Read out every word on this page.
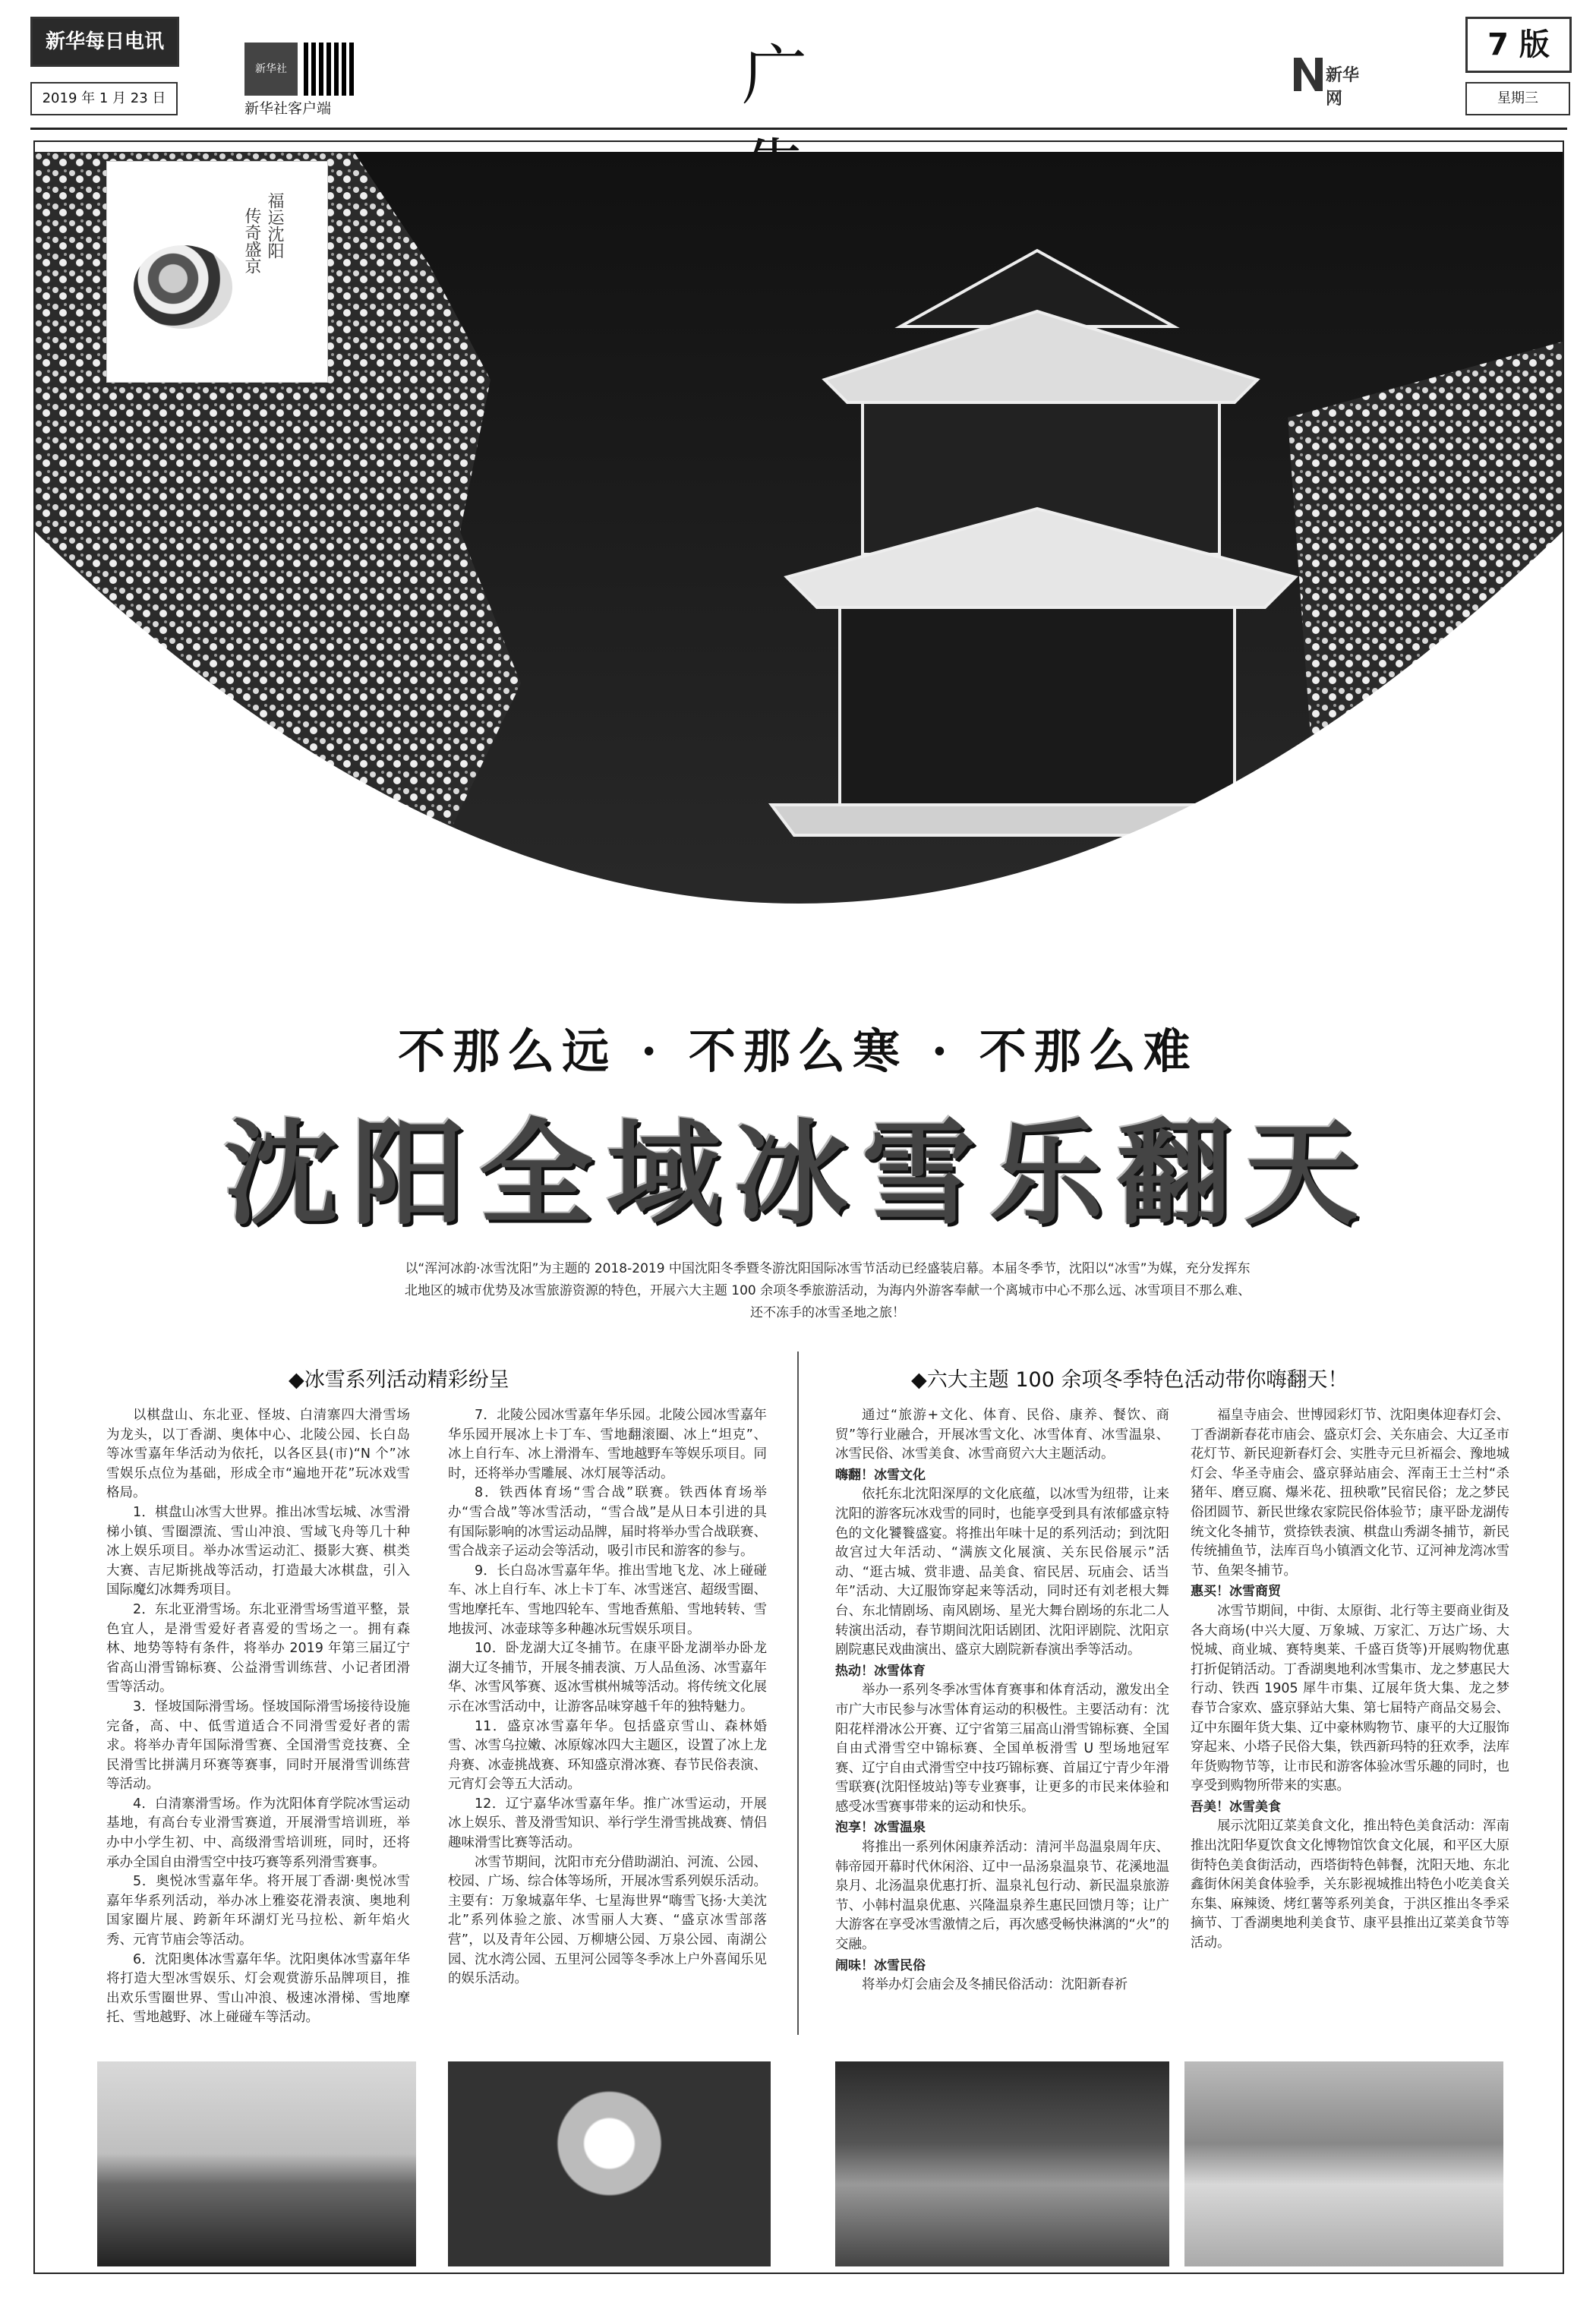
新华每日电讯
2019 年 1 月 23 日
新华社
新华社客户端	广	新华网
7 版
星期三
福运沈阳
传奇盛京
不那么远 · 不那么寒 · 不那么难
沈阳全域冰雪乐翻天
以“浑河冰韵·冰雪沈阳”为主题的 2018-2019 中国沈阳冬季暨冬游沈阳国际冰雪节活动已经盛装启幕。本届冬季节，沈阳以“冰雪”为媒，充分发挥东北地区的城市优势及冰雪旅游资源的特色，开展六大主题 100 余项冬季旅游活动，为海内外游客奉献一个离城市中心不那么远、冰雪项目不那么难、还不冻手的冰雪圣地之旅！
◆冰雪系列活动精彩纷呈

以棋盘山、东北亚、怪坡、白清寨四大滑雪场为龙头，以丁香湖、奥体中心、北陵公园、长白岛等冰雪嘉年华活动为依托，以各区县(市)“N 个”冰雪娱乐点位为基础，形成全市“遍地开花”玩冰戏雪格局。

1．棋盘山冰雪大世界。推出冰雪坛城、冰雪滑梯小镇、雪圈漂流、雪山冲浪、雪域飞舟等几十种冰上娱乐项目。举办冰雪运动汇、摄影大赛、棋类大赛、吉尼斯挑战等活动，打造最大冰棋盘，引入国际魔幻冰舞秀项目。

2．东北亚滑雪场。东北亚滑雪场雪道平整，景色宜人，是滑雪爱好者喜爱的雪场之一。拥有森林、地势等特有条件，将举办 2019 年第三届辽宁省高山滑雪锦标赛、公益滑雪训练营、小记者团滑雪等活动。

3．怪坡国际滑雪场。怪坡国际滑雪场接待设施完备，高、中、低雪道适合不同滑雪爱好者的需求。将举办青年国际滑雪赛、全国滑雪竞技赛、全民滑雪比拼满月环赛等赛事，同时开展滑雪训练营等活动。

4．白清寨滑雪场。作为沈阳体育学院冰雪运动基地，有高台专业滑雪赛道，开展滑雪培训班，举办中小学生初、中、高级滑雪培训班，同时，还将承办全国自由滑雪空中技巧赛等系列滑雪赛事。

5．奥悦冰雪嘉年华。将开展丁香湖·奥悦冰雪嘉年华系列活动，举办冰上雅姿花滑表演、奥地利国家圈片展、跨新年环湖灯光马拉松、新年焰火秀、元宵节庙会等活动。

6．沈阳奥体冰雪嘉年华。沈阳奥体冰雪嘉年华将打造大型冰雪娱乐、灯会观赏游乐品牌项目，推出欢乐雪圈世界、雪山冲浪、极速冰滑梯、雪地摩托、雪地越野、冰上碰碰车等活动。

7．北陵公园冰雪嘉年华乐园。北陵公园冰雪嘉年华乐园开展冰上卡丁车、雪地翻滚圈、冰上“坦克”、冰上自行车、冰上滑滑车、雪地越野车等娱乐项目。同时，还将举办雪雕展、冰灯展等活动。

8．铁西体育场“雪合战”联赛。铁西体育场举办“雪合战”等冰雪活动，“雪合战”是从日本引进的具有国际影响的冰雪运动品牌，届时将举办雪合战联赛、雪合战亲子运动会等活动，吸引市民和游客的参与。

9．长白岛冰雪嘉年华。推出雪地飞龙、冰上碰碰车、冰上自行车、冰上卡丁车、冰雪迷宫、超级雪圈、雪地摩托车、雪地四轮车、雪地香蕉船、雪地转转、雪地拔河、冰壶球等多种趣冰玩雪娱乐项目。

10．卧龙湖大辽冬捕节。在康平卧龙湖举办卧龙湖大辽冬捕节，开展冬捕表演、万人品鱼汤、冰雪嘉年华、冰雪风筝赛、返冰雪棋州城等活动。将传统文化展示在冰雪活动中，让游客品味穿越千年的独特魅力。

11．盛京冰雪嘉年华。包括盛京雪山、森林婚雪、冰雪乌拉嫩、冰原嫁冰四大主题区，设置了冰上龙舟赛、冰壶挑战赛、环知盛京滑冰赛、春节民俗表演、元宵灯会等五大活动。

12．辽宁嘉华冰雪嘉年华。推广冰雪运动，开展冰上娱乐、普及滑雪知识、举行学生滑雪挑战赛、情侣趣味滑雪比赛等活动。

冰雪节期间，沈阳市充分借助湖泊、河流、公园、校园、广场、综合体等场所，开展冰雪系列娱乐活动。主要有：万象城嘉年华、七星海世界“嗨雪飞扬·大美沈北”系列体验之旅、冰雪丽人大赛、“盛京冰雪部落营”，以及青年公园、万柳塘公园、万泉公园、南湖公园、沈水湾公园、五里河公园等冬季冰上户外喜闻乐见的娱乐活动。

◆六大主题 100 余项冬季特色活动带你嗨翻天！

通过“旅游+文化、体育、民俗、康养、餐饮、商贸”等行业融合，开展冰雪文化、冰雪体育、冰雪温泉、冰雪民俗、冰雪美食、冰雪商贸六大主题活动。

嗨翻！冰雪文化

依托东北沈阳深厚的文化底蕴，以冰雪为纽带，让来沈阳的游客玩冰戏雪的同时，也能享受到具有浓郁盛京特色的文化饕餮盛宴。将推出年味十足的系列活动；到沈阳故宫过大年活动、“满族文化展演、关东民俗展示”活动、“逛古城、赏非遗、品美食、宿民居、玩庙会、话当年”活动、大辽服饰穿起来等活动，同时还有刘老根大舞台、东北情剧场、南风剧场、星光大舞台剧场的东北二人转演出活动，春节期间沈阳话剧团、沈阳评剧院、沈阳京剧院惠民戏曲演出、盛京大剧院新春演出季等活动。

热动！冰雪体育

举办一系列冬季冰雪体育赛事和体育活动，激发出全市广大市民参与冰雪体育运动的积极性。主要活动有：沈阳花样滑冰公开赛、辽宁省第三届高山滑雪锦标赛、全国自由式滑雪空中锦标赛、全国单板滑雪 U 型场地冠军赛、辽宁自由式滑雪空中技巧锦标赛、首届辽宁青少年滑雪联赛(沈阳怪坡站)等专业赛事，让更多的市民来体验和感受冰雪赛事带来的运动和快乐。

泡享！冰雪温泉

将推出一系列休闲康养活动：清河半岛温泉周年庆、韩帝园开幕时代休闲浴、辽中一品汤泉温泉节、花溪地温泉月、北汤温泉优惠打折、温泉礼包行动、新民温泉旅游节、小韩村温泉优惠、兴隆温泉养生惠民回馈月等；让广大游客在享受冰雪激情之后，再次感受畅快淋漓的“火”的交融。

闹味！冰雪民俗

将举办灯会庙会及冬捕民俗活动：沈阳新春祈

福皇寺庙会、世博园彩灯节、沈阳奥体迎春灯会、丁香湖新春花市庙会、盛京灯会、关东庙会、大辽圣市花灯节、新民迎新春灯会、实胜寺元旦祈福会、豫地城灯会、华圣寺庙会、盛京驿站庙会、浑南王士兰村“杀猪年、磨豆腐、爆米花、扭秧歌”民宿民俗；龙之梦民俗团圆节、新民世缘农家院民俗体验节；康平卧龙湖传统文化冬捕节，赏捺铁表演、棋盘山秀湖冬捕节，新民传统捕鱼节，法库百鸟小镇酒文化节、辽河神龙湾冰雪节、鱼架冬捕节。

惠买！冰雪商贸

冰雪节期间，中街、太原街、北行等主要商业街及各大商场(中兴大厦、万象城、万家汇、万达广场、大悦城、商业城、赛特奥莱、千盛百货等)开展购物优惠打折促销活动。丁香湖奥地利冰雪集市、龙之梦惠民大行动、铁西 1905 犀牛市集、辽展年货大集、龙之梦春节合家欢、盛京驿站大集、第七届特产商品交易会、辽中东圈年货大集、辽中豪林购物节、康平的大辽服饰穿起来、小塔子民俗大集，铁西新玛特的狂欢季，法库年货购物节等，让市民和游客体验冰雪乐趣的同时，也享受到购物所带来的实惠。

吾美！冰雪美食

展示沈阳辽菜美食文化，推出特色美食活动：浑南推出沈阳华夏饮食文化博物馆饮食文化展，和平区大原街特色美食街活动，西塔街特色韩餐，沈阳天地、东北鑫街休闲美食体验季，关东影视城推出特色小吃美食关东集、麻辣烫、烤红薯等系列美食，于洪区推出冬季采摘节、丁香湖奥地利美食节、康平县推出辽菜美食节等活动。
